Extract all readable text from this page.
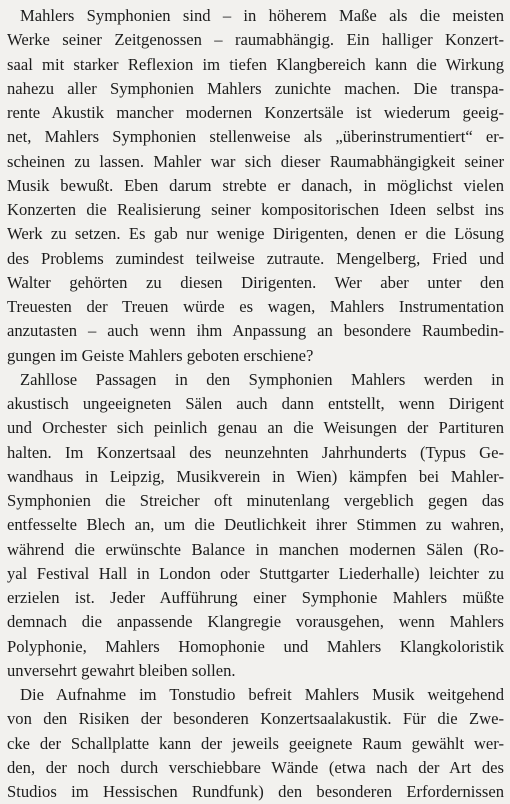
Mahlers Symphonien sind – in höherem Maße als die meisten
Werke seiner Zeitgenossen – raumabhängig. Ein halliger Konzert-
saal mit starker Reflexion im tiefen Klangbereich kann die Wirkung
nahezu aller Symphonien Mahlers zunichte machen. Die transpa-
rente Akustik mancher modernen Konzertsäle ist wiederum geeig-
net, Mahlers Symphonien stellenweise als „überinstrumentiert“ er-
scheinen zu lassen. Mahler war sich dieser Raumabhängigkeit seiner
Musik bewußt. Eben darum strebte er danach, in möglichst vielen
Konzerten die Realisierung seiner kompositorischen Ideen selbst ins
Werk zu setzen. Es gab nur wenige Dirigenten, denen er die Lösung
des Problems zumindest teilweise zutraute. Mengelberg, Fried und
Walter gehörten zu diesen Dirigenten. Wer aber unter den
Treuesten der Treuen würde es wagen, Mahlers Instrumentation
anzutasten – auch wenn ihm Anpassung an besondere Raumbedin-
gungen im Geiste Mahlers geboten erschiene?
Zahllose Passagen in den Symphonien Mahlers werden in
akustisch ungeeigneten Sälen auch dann entstellt, wenn Dirigent
und Orchester sich peinlich genau an die Weisungen der Partituren
halten. Im Konzertsaal des neunzehnten Jahrhunderts (Typus Ge-
wandhaus in Leipzig, Musikverein in Wien) kämpfen bei Mahler-
Symphonien die Streicher oft minutenlang vergeblich gegen das
entfesselte Blech an, um die Deutlichkeit ihrer Stimmen zu wahren,
während die erwünschte Balance in manchen modernen Sälen (Ro-
yal Festival Hall in London oder Stuttgarter Liederhalle) leichter zu
erzielen ist. Jeder Aufführung einer Symphonie Mahlers müßte
demnach die anpassende Klangregie vorausgehen, wenn Mahlers
Polyphonie, Mahlers Homophonie und Mahlers Klangkoloristik
unversehrt gewahrt bleiben sollen.
Die Aufnahme im Tonstudio befreit Mahlers Musik weitgehend
von den Risiken der besonderen Konzertsaalakustik. Für die Zwe-
cke der Schallplatte kann der jeweils geeignete Raum gewählt wer-
den, der noch durch verschiebbare Wände (etwa nach der Art des
Studios im Hessischen Rundfunk) den besonderen Erfordernissen
